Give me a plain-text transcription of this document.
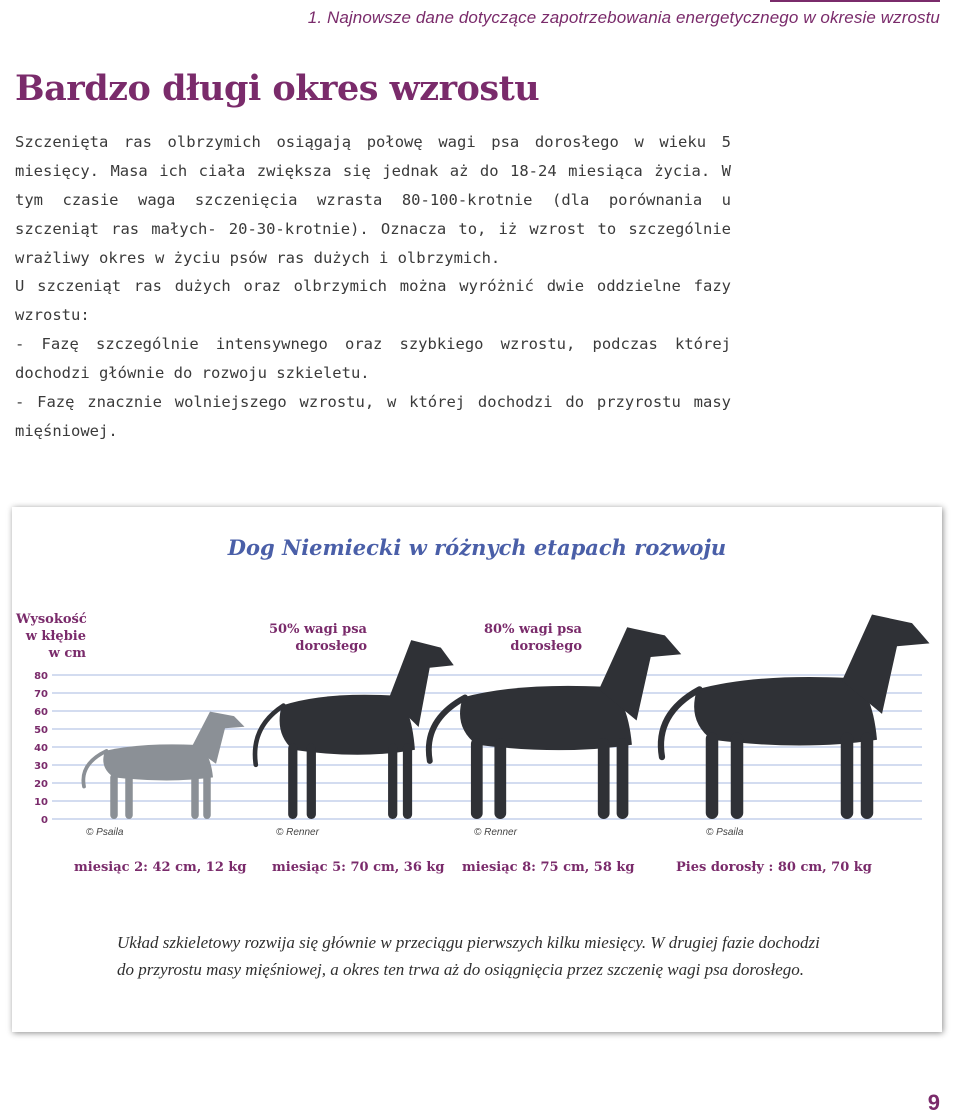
1. Najnowsze dane dotyczące zapotrzebowania energetycznego w okresie wzrostu
Bardzo długi okres wzrostu

Szczenięta ras olbrzymich osiągają połowę wagi psa dorosłego w wieku 5 miesięcy. Masa ich ciała zwiększa się jednak aż do 18-24 miesiąca życia. W tym czasie waga szczenięcia wzrasta 80-100-krotnie (dla porównania u szczeniąt ras małych- 20-30-krotnie). Oznacza to, iż wzrost to szczególnie wrażliwy okres w życiu psów ras dużych i olbrzymich.

U szczeniąt ras dużych oraz olbrzymich można wyróżnić dwie oddzielne fazy wzrostu:

- Fazę szczególnie intensywnego oraz szybkiego wzrostu, podczas której dochodzi głównie do rozwoju szkieletu.

- Fazę znacznie wolniejszego wzrostu, w której dochodzi do przyrostu masy mięśniowej.

Dog Niemiecki w różnych etapach rozwoju
0
10
20
30
40
50
60
70
80
Wysokość w kłębie w cm
50% wagi psa dorosłego
80% wagi psa dorosłego
© Psaila	© Renner	© Renner	© Psaila
miesiąc 2: 42 cm, 12 kg miesiąc 5: 70 cm, 36 kg miesiąc 8: 75 cm, 58 kg	Pies dorosły : 80 cm, 70 kg

Układ szkieletowy rozwija się głównie w przeciągu pierwszych kilku miesięcy. W drugiej fazie dochodzi do przyrostu masy mięśniowej, a okres ten trwa aż do osiągnięcia przez szczenię wagi psa dorosłego.

9
